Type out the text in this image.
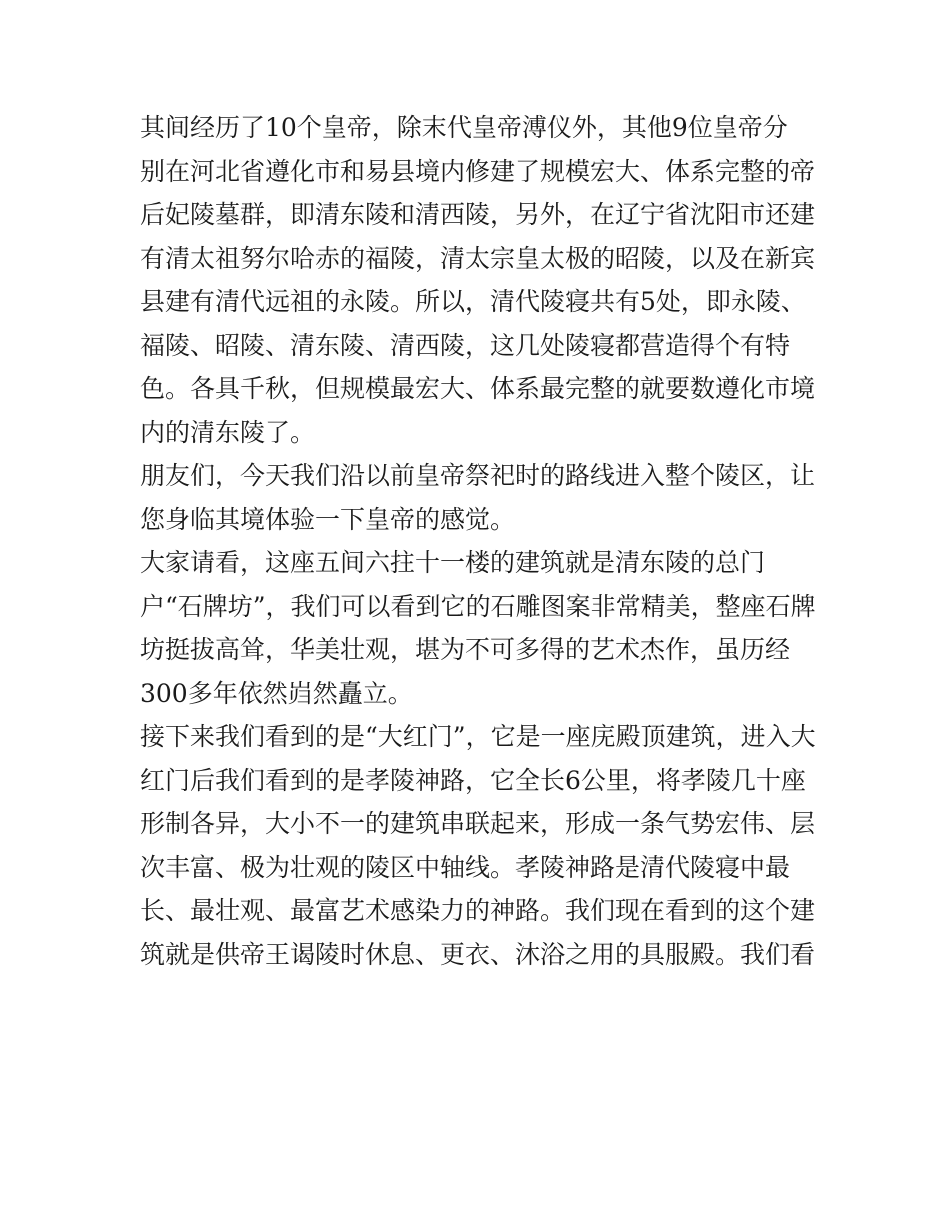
其间经历了10个皇帝，除末代皇帝溥仪外，其他9位皇帝分
别在河北省遵化市和易县境内修建了规模宏大、体系完整的帝
后妃陵墓群，即清东陵和清西陵，另外，在辽宁省沈阳市还建
有清太祖努尔哈赤的福陵，清太宗皇太极的昭陵，以及在新宾
县建有清代远祖的永陵。所以，清代陵寝共有5处，即永陵、
福陵、昭陵、清东陵、清西陵，这几处陵寝都营造得个有特
色。各具千秋，但规模最宏大、体系最完整的就要数遵化市境
内的清东陵了。
朋友们，今天我们沿以前皇帝祭祀时的路线进入整个陵区，让
您身临其境体验一下皇帝的感觉。
大家请看，这座五间六拄十一楼的建筑就是清东陵的总门
户“石牌坊”，我们可以看到它的石雕图案非常精美，整座石牌
坊挺拔高耸，华美壮观，堪为不可多得的艺术杰作，虽历经
300多年依然岿然矗立。
接下来我们看到的是“大红门”，它是一座庑殿顶建筑，进入大
红门后我们看到的是孝陵神路，它全长6公里，将孝陵几十座
形制各异，大小不一的建筑串联起来，形成一条气势宏伟、层
次丰富、极为壮观的陵区中轴线。孝陵神路是清代陵寝中最
长、最壮观、最富艺术感染力的神路。我们现在看到的这个建
筑就是供帝王谒陵时休息、更衣、沐浴之用的具服殿。我们看
